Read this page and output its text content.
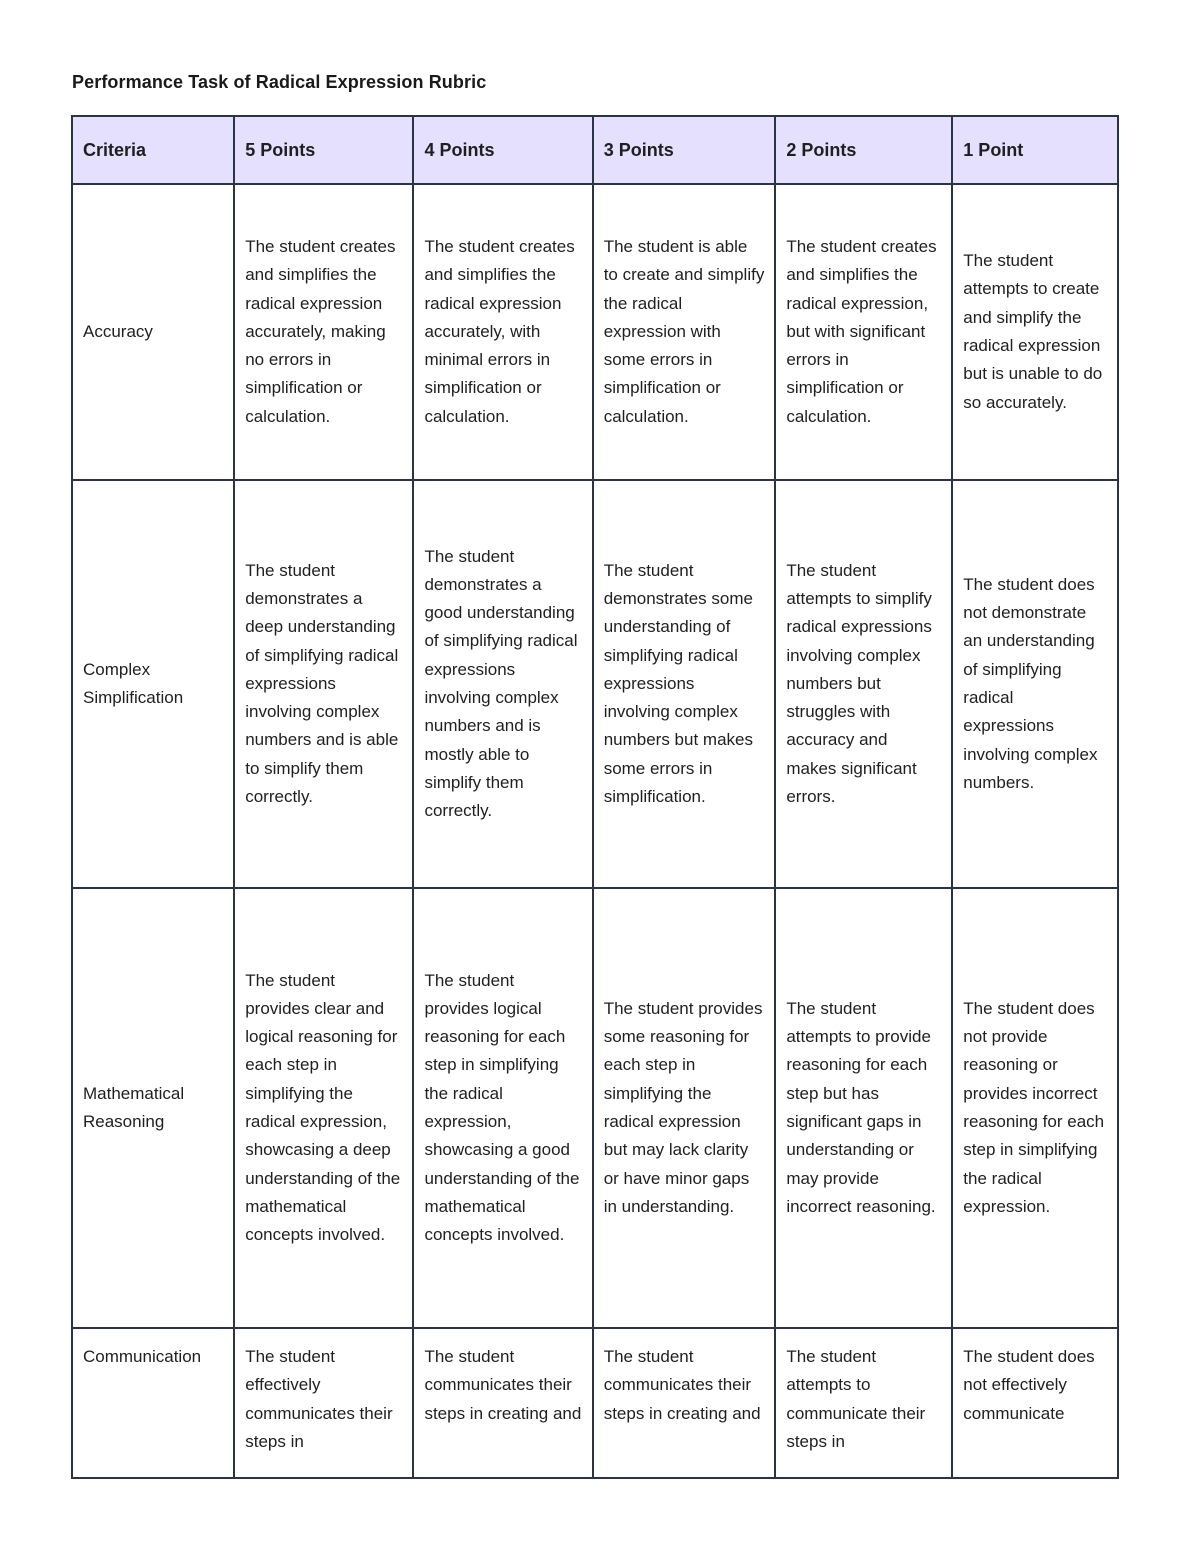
Performance Task of Radical Expression Rubric
Criteria	5 Points	4 Points	3 Points	2 Points	1 Point
Accuracy	The student creates and simplifies the radical expression accurately, making no errors in simplification or calculation.	The student creates and simplifies the radical expression accurately, with minimal errors in simplification or calculation.	The student is able to create and simplify the radical expression with some errors in simplification or calculation.	The student creates and simplifies the radical expression, but with significant errors in simplification or calculation.	The student attempts to create and simplify the radical expression but is unable to do so accurately.
Complex Simplification	The student demonstrates a deep understanding of simplifying radical expressions involving complex numbers and is able to simplify them correctly.	The student demonstrates a good understanding of simplifying radical expressions involving complex numbers and is mostly able to simplify them correctly.	The student demonstrates some understanding of simplifying radical expressions involving complex numbers but makes some errors in simplification.	The student attempts to simplify radical expressions involving complex numbers but struggles with accuracy and makes significant errors.	The student does not demonstrate an understanding of simplifying radical expressions involving complex numbers.
Mathematical Reasoning	The student provides clear and logical reasoning for each step in simplifying the radical expression, showcasing a deep understanding of the mathematical concepts involved.	The student provides logical reasoning for each step in simplifying the radical expression, showcasing a good understanding of the mathematical concepts involved.	The student provides some reasoning for each step in simplifying the radical expression but may lack clarity or have minor gaps in understanding.	The student attempts to provide reasoning for each step but has significant gaps in understanding or may provide incorrect reasoning.	The student does not provide reasoning or provides incorrect reasoning for each step in simplifying the radical expression.
Communication	The student effectively communicates their steps in	The student communicates their steps in creating and	The student communicates their steps in creating and	The student attempts to communicate their steps in	The student does not effectively communicate
